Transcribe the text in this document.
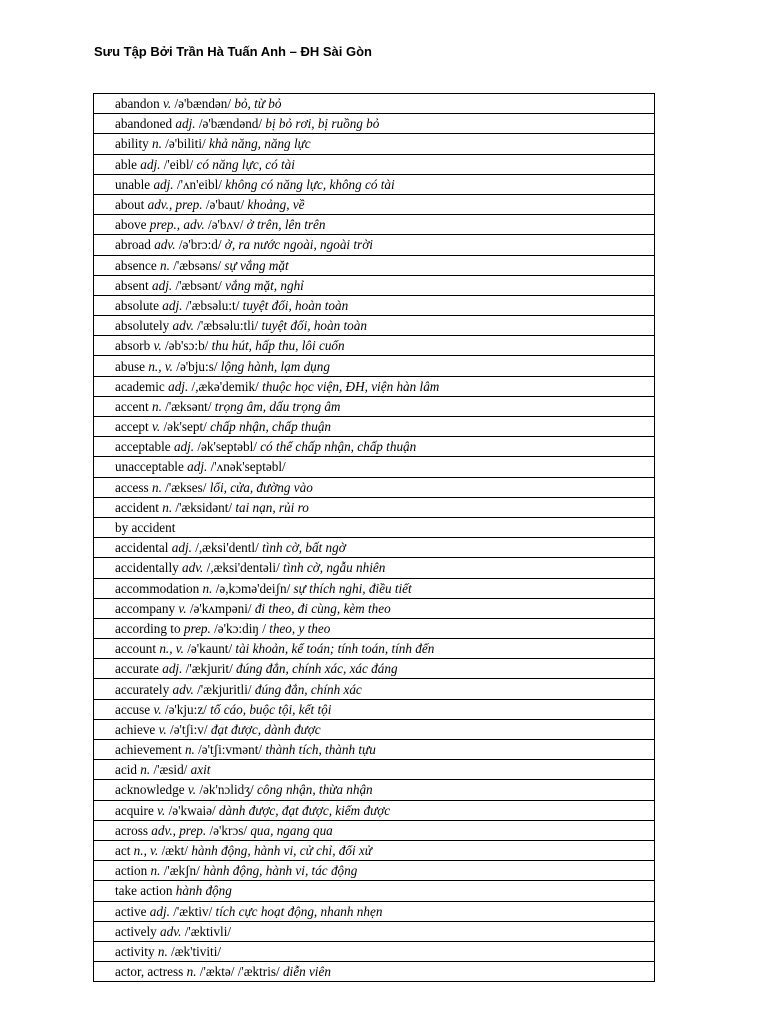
Sưu Tập Bởi Trần Hà Tuấn Anh – ĐH Sài Gòn
abandon v. /ə'bændən/ bỏ, từ bỏ
abandoned adj. /ə'bændənd/ bị bỏ rơi, bị ruồng bỏ
ability n. /ə'biliti/ khả năng, năng lực
able adj. /'eibl/ có năng lực, có tài
unable adj. /'ʌn'eibl/ không có năng lực, không có tài
about adv., prep. /ə'baut/ khoảng, về
above prep., adv. /ə'bʌv/ ở trên, lên trên
abroad adv. /ə'brɔ:d/ ở, ra nước ngoài, ngoài trời
absence n. /'æbsəns/ sự vắng mặt
absent adj. /'æbsənt/ vắng mặt, nghỉ
absolute adj. /'æbsəlu:t/ tuyệt đối, hoàn toàn
absolutely adv. /'æbsəlu:tli/ tuyệt đối, hoàn toàn
absorb v. /əb'sɔ:b/ thu hút, hấp thu, lôi cuốn
abuse n., v. /ə'bju:s/ lộng hành, lạm dụng
academic adj. /,ækə'demik/ thuộc học viện, ĐH, viện hàn lâm
accent n. /'æksənt/ trọng âm, dấu trọng âm
accept v. /ək'sept/ chấp nhận, chấp thuận
acceptable adj. /ək'septəbl/ có thể chấp nhận, chấp thuận
unacceptable adj. /'ʌnək'septəbl/
access n. /'ækses/ lối, cửa, đường vào
accident n. /'æksidənt/ tai nạn, rủi ro
by accident
accidental adj. /,æksi'dentl/ tình cờ, bất ngờ
accidentally adv. /,æksi'dentəli/ tình cờ, ngẫu nhiên
accommodation n. /ə,kɔmə'deiʃn/ sự thích nghi, điều tiết
accompany v. /ə'kʌmpəni/ đi theo, đi cùng, kèm theo
according to prep. /ə'kɔ:diŋ / theo, y theo
account n., v. /ə'kaunt/ tài khoản, kế toán; tính toán, tính đến
accurate adj. /'ækjurit/ đúng đắn, chính xác, xác đáng
accurately adv. /'ækjuritli/ đúng đắn, chính xác
accuse v. /ə'kju:z/ tố cáo, buộc tội, kết tội
achieve v. /ə'tʃi:v/ đạt được, dành được
achievement n. /ə'tʃi:vmənt/ thành tích, thành tựu
acid n. /'æsid/ axit
acknowledge v. /ək'nɔlidʒ/ công nhận, thừa nhận
acquire v. /ə'kwaiə/ dành được, đạt được, kiếm được
across adv., prep. /ə'krɔs/ qua, ngang qua
act n., v. /ækt/ hành động, hành vi, cử chỉ, đối xử
action n. /'ækʃn/ hành động, hành vi, tác động
take action hành động
active adj. /'æktiv/ tích cực hoạt động, nhanh nhẹn
actively adv. /'æktivli/
activity n. /æk'tiviti/
actor, actress n. /'æktə/ /'æktris/ diễn viên
